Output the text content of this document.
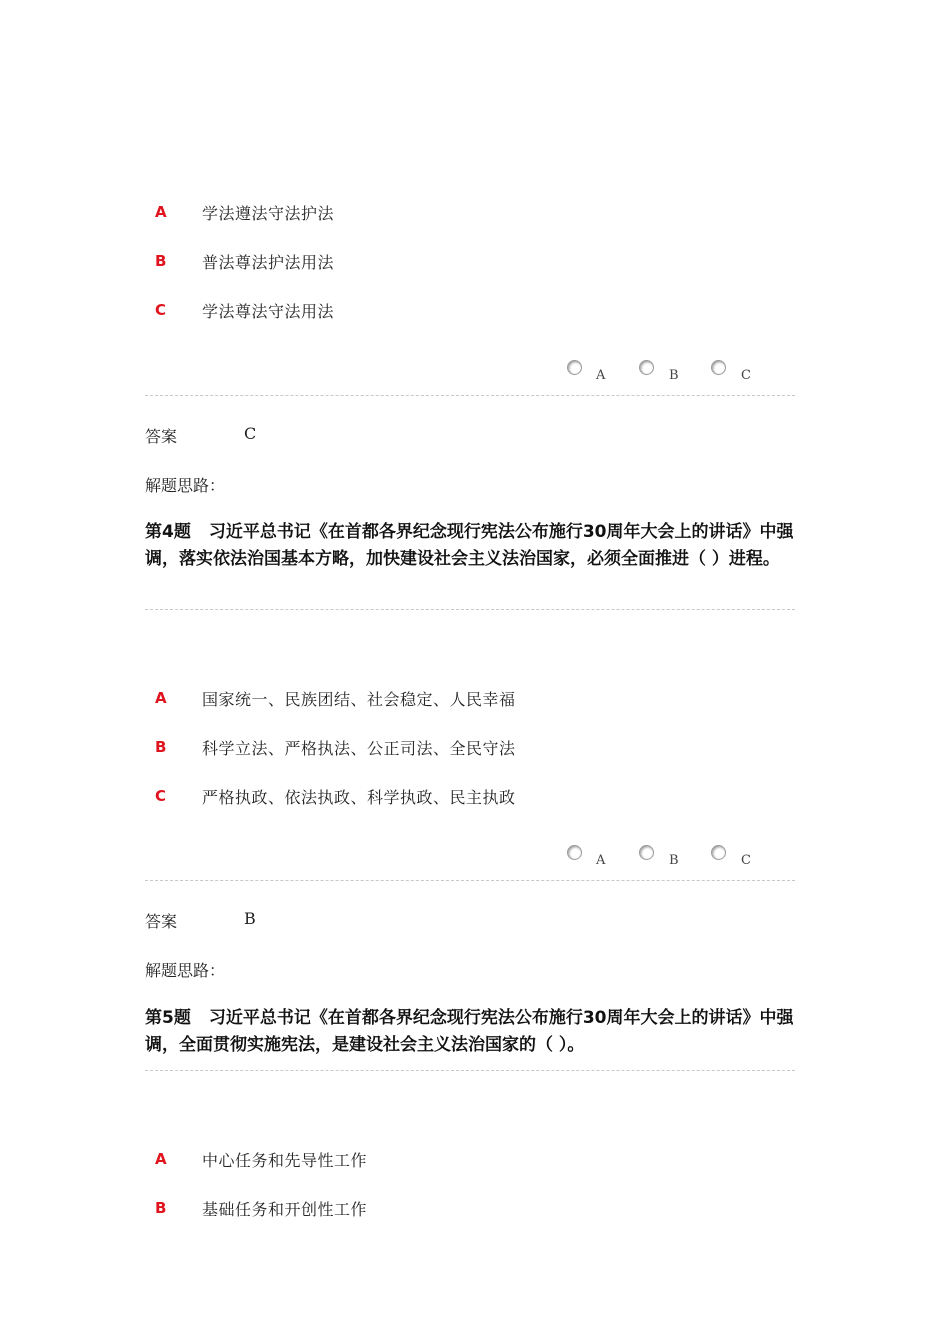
A 学法遵法守法护法
B 普法尊法护法用法
C 学法尊法守法用法
A	B	C
答案	C
解题思路：
第4题 习近平总书记《在首都各界纪念现行宪法公布施行30周年大会上的讲话》中强调，落实依法治国基本方略，加快建设社会主义法治国家，必须全面推进（ ）进程。
A 国家统一、民族团结、社会稳定、人民幸福
B 科学立法、严格执法、公正司法、全民守法
C 严格执政、依法执政、科学执政、民主执政
A	B	C
答案	B
解题思路：
第5题 习近平总书记《在首都各界纪念现行宪法公布施行30周年大会上的讲话》中强调，全面贯彻实施宪法，是建设社会主义法治国家的（ ）。
A 中心任务和先导性工作
B 基础任务和开创性工作
